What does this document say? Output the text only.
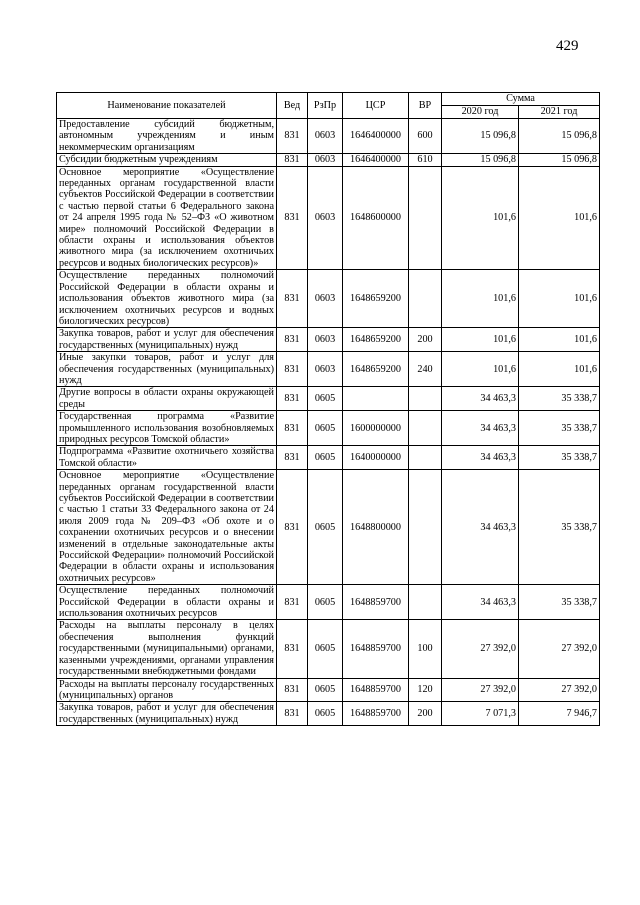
429
Наименование показателей	Вед	РзПр	ЦСР	ВР	Сумма	
					2020 год	2021 год
Предоставление субсидий бюджетным, автономным учреждениям и иным некоммерческим организациям	831	0603	1646400000	600	15 096,8	15 096,8
Субсидии бюджетным учреждениям	831	0603	1646400000	610	15 096,8	15 096,8
Основное мероприятие «Осуществление переданных органам государственной власти субъектов Российской Федерации в соответствии с частью первой статьи 6 Федерального закона от 24 апреля 1995 года № 52–ФЗ «О животном мире» полномочий Российской Федерации в области охраны и использования объектов животного мира (за исключением охотничьих ресурсов и водных биологических ресурсов)»	831	0603	1648600000		101,6	101,6
Осуществление переданных полномочий Российской Федерации в области охраны и использования объектов животного мира (за исключением охотничьих ресурсов и водных биологических ресурсов)	831	0603	1648659200		101,6	101,6
Закупка товаров, работ и услуг для обеспечения государственных (муниципальных) нужд	831	0603	1648659200	200	101,6	101,6
Иные закупки товаров, работ и услуг для обеспечения государственных (муниципальных) нужд	831	0603	1648659200	240	101,6	101,6
Другие вопросы в области охраны окружающей среды	831	0605			34 463,3	35 338,7
Государственная программа «Развитие промышленного использования возобновляемых природных ресурсов Томской области»	831	0605	1600000000		34 463,3	35 338,7
Подпрограмма «Развитие охотничьего хозяйства Томской области»	831	0605	1640000000		34 463,3	35 338,7
Основное мероприятие «Осуществление переданных органам государственной власти субъектов Российской Федерации в соответствии с частью 1 статьи 33 Федерального закона от 24 июля 2009 года № 209–ФЗ «Об охоте и о сохранении охотничьих ресурсов и о внесении изменений в отдельные законодательные акты Российской Федерации» полномочий Российской Федерации в области охраны и использования охотничьих ресурсов»	831	0605	1648800000		34 463,3	35 338,7
Осуществление переданных полномочий Российской Федерации в области охраны и использования охотничьих ресурсов	831	0605	1648859700		34 463,3	35 338,7
Расходы на выплаты персоналу в целях обеспечения выполнения функций государственными (муниципальными) органами, казенными учреждениями, органами управления государственными внебюджетными фондами	831	0605	1648859700	100	27 392,0	27 392,0
Расходы на выплаты персоналу государственных (муниципальных) органов	831	0605	1648859700	120	27 392,0	27 392,0
Закупка товаров, работ и услуг для обеспечения государственных (муниципальных) нужд	831	0605	1648859700	200	7 071,3	7 946,7
